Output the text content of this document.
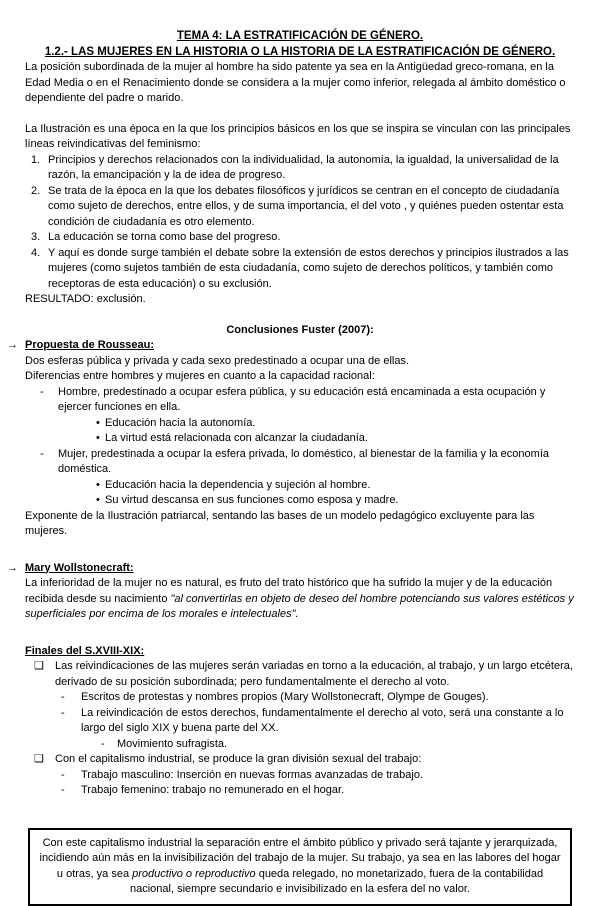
TEMA 4: LA ESTRATIFICACIÓN DE GÉNERO.
1.2.- LAS MUJERES EN LA HISTORIA O LA HISTORIA DE LA ESTRATIFICACIÓN DE GÉNERO.
La posición subordinada de la mujer al hombre ha sido patente ya sea en la Antigüedad greco-romana, en la Edad Media o en el Renacimiento donde se considera a la mujer como inferior, relegada al ámbito doméstico o dependiente del padre o marido.
La Ilustración es una época en la que los principios básicos en los que se inspira se vinculan con las principales líneas reivindicativas del feminismo:
1. Principios y derechos relacionados con la individualidad, la autonomía, la igualdad, la universalidad de la razón, la emancipación y la de idea de progreso.
2. Se trata de la época en la que los debates filosóficos y jurídicos se centran en el concepto de ciudadanía como sujeto de derechos, entre ellos, y de suma importancia, el del voto , y quiénes pueden ostentar esta condición de ciudadanía es otro elemento.
3. La educación se torna como base del progreso.
4. Y aquí es donde surge también el debate sobre la extensión de estos derechos y principios ilustrados a las mujeres (como sujetos también de esta ciudadanía, como sujeto de derechos políticos, y también como receptoras de esta educación) o su exclusión.
RESULTADO: exclusión.
Conclusiones Fuster (2007):
→ Propuesta de Rousseau:
Dos esferas pública y privada y cada sexo predestinado a ocupar una de ellas.
Diferencias entre hombres y mujeres en cuanto a la capacidad racional:
-	Hombre, predestinado a ocupar esfera pública, y su educación está encaminada a esta ocupación y ejercer funciones en ella.
• Educación hacia la autonomía.
• La virtud está relacionada con alcanzar la ciudadanía.
-	Mujer, predestinada a ocupar la esfera privada, lo doméstico, al bienestar de la familia y la economía doméstica.
• Educación hacia la dependencia y sujeción al hombre.
• Su virtud descansa en sus funciones como esposa y madre.
Exponente de la Ilustración patriarcal, sentando las bases de un modelo pedagógico excluyente para las mujeres.
→ Mary Wollstonecraft:
La inferioridad de la mujer no es natural, es fruto del trato histórico que ha sufrido la mujer y de la educación recibida desde su nacimiento "al convertirlas en objeto de deseo del hombre potenciando sus valores estéticos y superficiales por encima de los morales e intelectuales".
Finales del S.XVIII-XIX:
❑	Las reivindicaciones de las mujeres serán variadas en torno a la educación, al trabajo, y un largo etcétera, derivado de su posición subordinada; pero fundamentalmente el derecho al voto.
-	Escritos de protestas y nombres propios (Mary Wollstonecraft, Olympe de Gouges).
-	La reivindicación de estos derechos, fundamentalmente el derecho al voto, será una constante a lo largo del siglo XIX y buena parte del XX.
-	Movimiento sufragista.
❑	Con el capitalismo industrial, se produce la gran división sexual del trabajo:
-	Trabajo masculino: Inserción en nuevas formas avanzadas de trabajo.
-	Trabajo femenino: trabajo no remunerado en el hogar.
Con este capitalismo industrial la separación entre el ámbito público y privado será tajante y jerarquizada, incidiendo aún más en la invisibilización del trabajo de la mujer. Su trabajo, ya sea en las labores del hogar u otras, ya sea productivo o reproductivo queda relegado, no monetarizado, fuera de la contabilidad nacional, siempre secundario e invisibilizado en la esfera del no valor.
